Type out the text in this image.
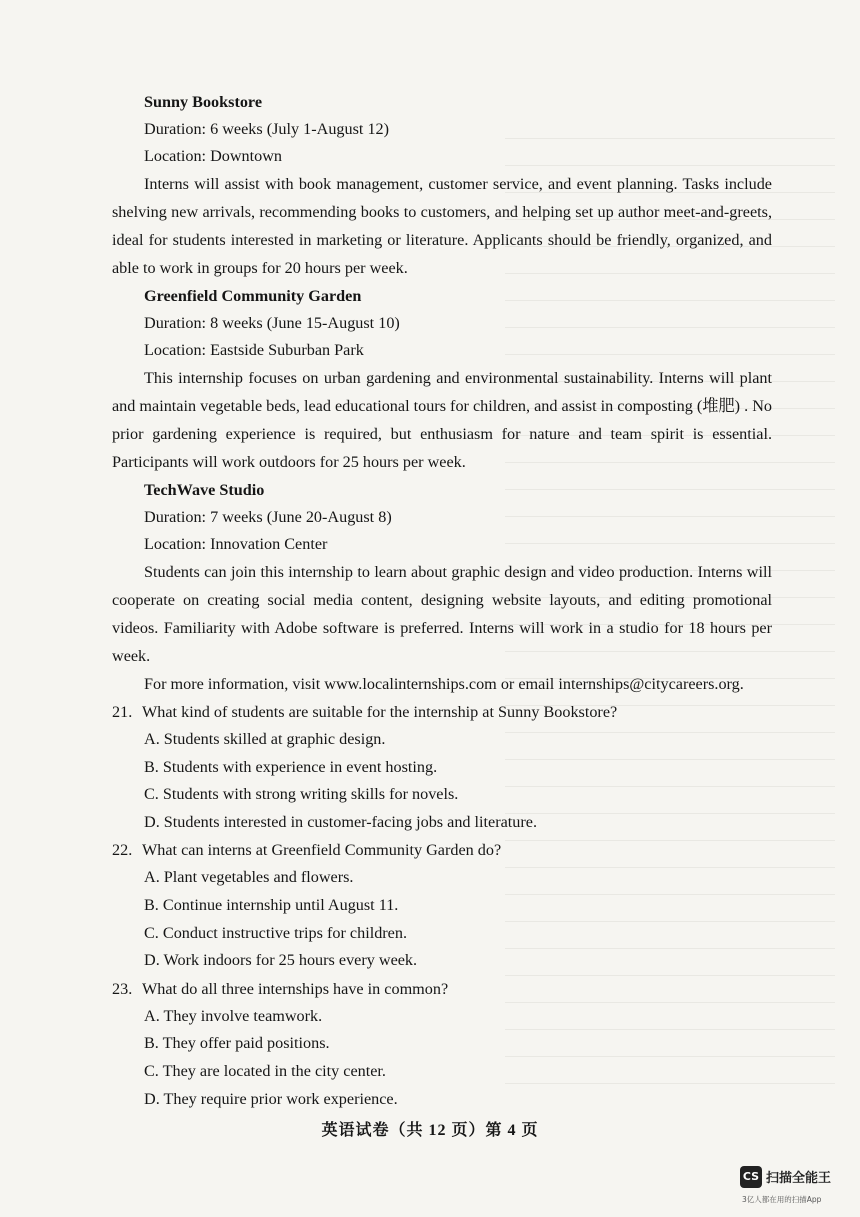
Sunny Bookstore
Duration: 6 weeks (July 1-August 12)
Location: Downtown
Interns will assist with book management, customer service, and event planning. Tasks include shelving new arrivals, recommending books to customers, and helping set up author meet-and-greets, ideal for students interested in marketing or literature. Applicants should be friendly, organized, and able to work in groups for 20 hours per week.
Greenfield Community Garden
Duration: 8 weeks (June 15-August 10)
Location: Eastside Suburban Park
This internship focuses on urban gardening and environmental sustainability. Interns will plant and maintain vegetable beds, lead educational tours for children, and assist in composting (堆肥) . No prior gardening experience is required, but enthusiasm for nature and team spirit is essential. Participants will work outdoors for 25 hours per week.
TechWave Studio
Duration: 7 weeks (June 20-August 8)
Location: Innovation Center
Students can join this internship to learn about graphic design and video production. Interns will cooperate on creating social media content, designing website layouts, and editing promotional videos. Familiarity with Adobe software is preferred. Interns will work in a studio for 18 hours per week.
For more information, visit www.localinternships.com or email internships@citycareers.org.
21. What kind of students are suitable for the internship at Sunny Bookstore?
A. Students skilled at graphic design.
B. Students with experience in event hosting.
C. Students with strong writing skills for novels.
D. Students interested in customer-facing jobs and literature.
22. What can interns at Greenfield Community Garden do?
A. Plant vegetables and flowers.
B. Continue internship until August 11.
C. Conduct instructive trips for children.
D. Work indoors for 25 hours every week.
23. What do all three internships have in common?
A. They involve teamwork.
B. They offer paid positions.
C. They are located in the city center.
D. They require prior work experience.
英语试卷（共 12 页）第 4 页
CS 扫描全能王
3亿人都在用的扫描App
